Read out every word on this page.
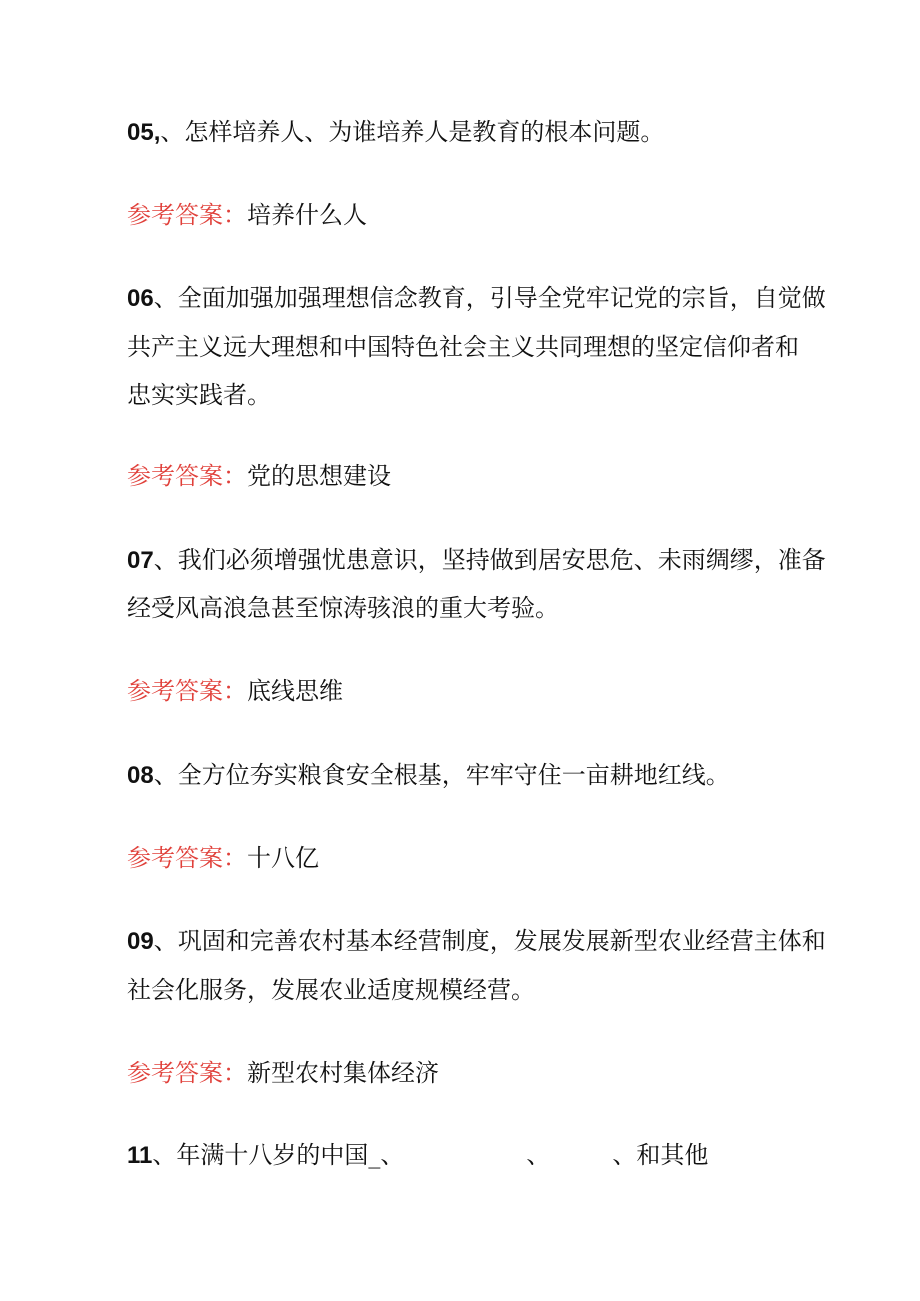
05,、怎样培养人、为谁培养人是教育的根本问题。
参考答案：培养什么人
06、全面加强加强理想信念教育，引导全党牢记党的宗旨，自觉做
共产主义远大理想和中国特色社会主义共同理想的坚定信仰者和
忠实实践者。
参考答案：党的思想建设
07、我们必须增强忧患意识，坚持做到居安思危、未雨绸缪，准备
经受风高浪急甚至惊涛骇浪的重大考验。
参考答案：底线思维
08、全方位夯实粮食安全根基，牢牢守住一亩耕地红线。
参考答案：十八亿
09、巩固和完善农村基本经营制度，发展发展新型农业经营主体和
社会化服务，发展农业适度规模经营。
参考答案：新型农村集体经济
11、年满十八岁的中国_、	、	、和其他
